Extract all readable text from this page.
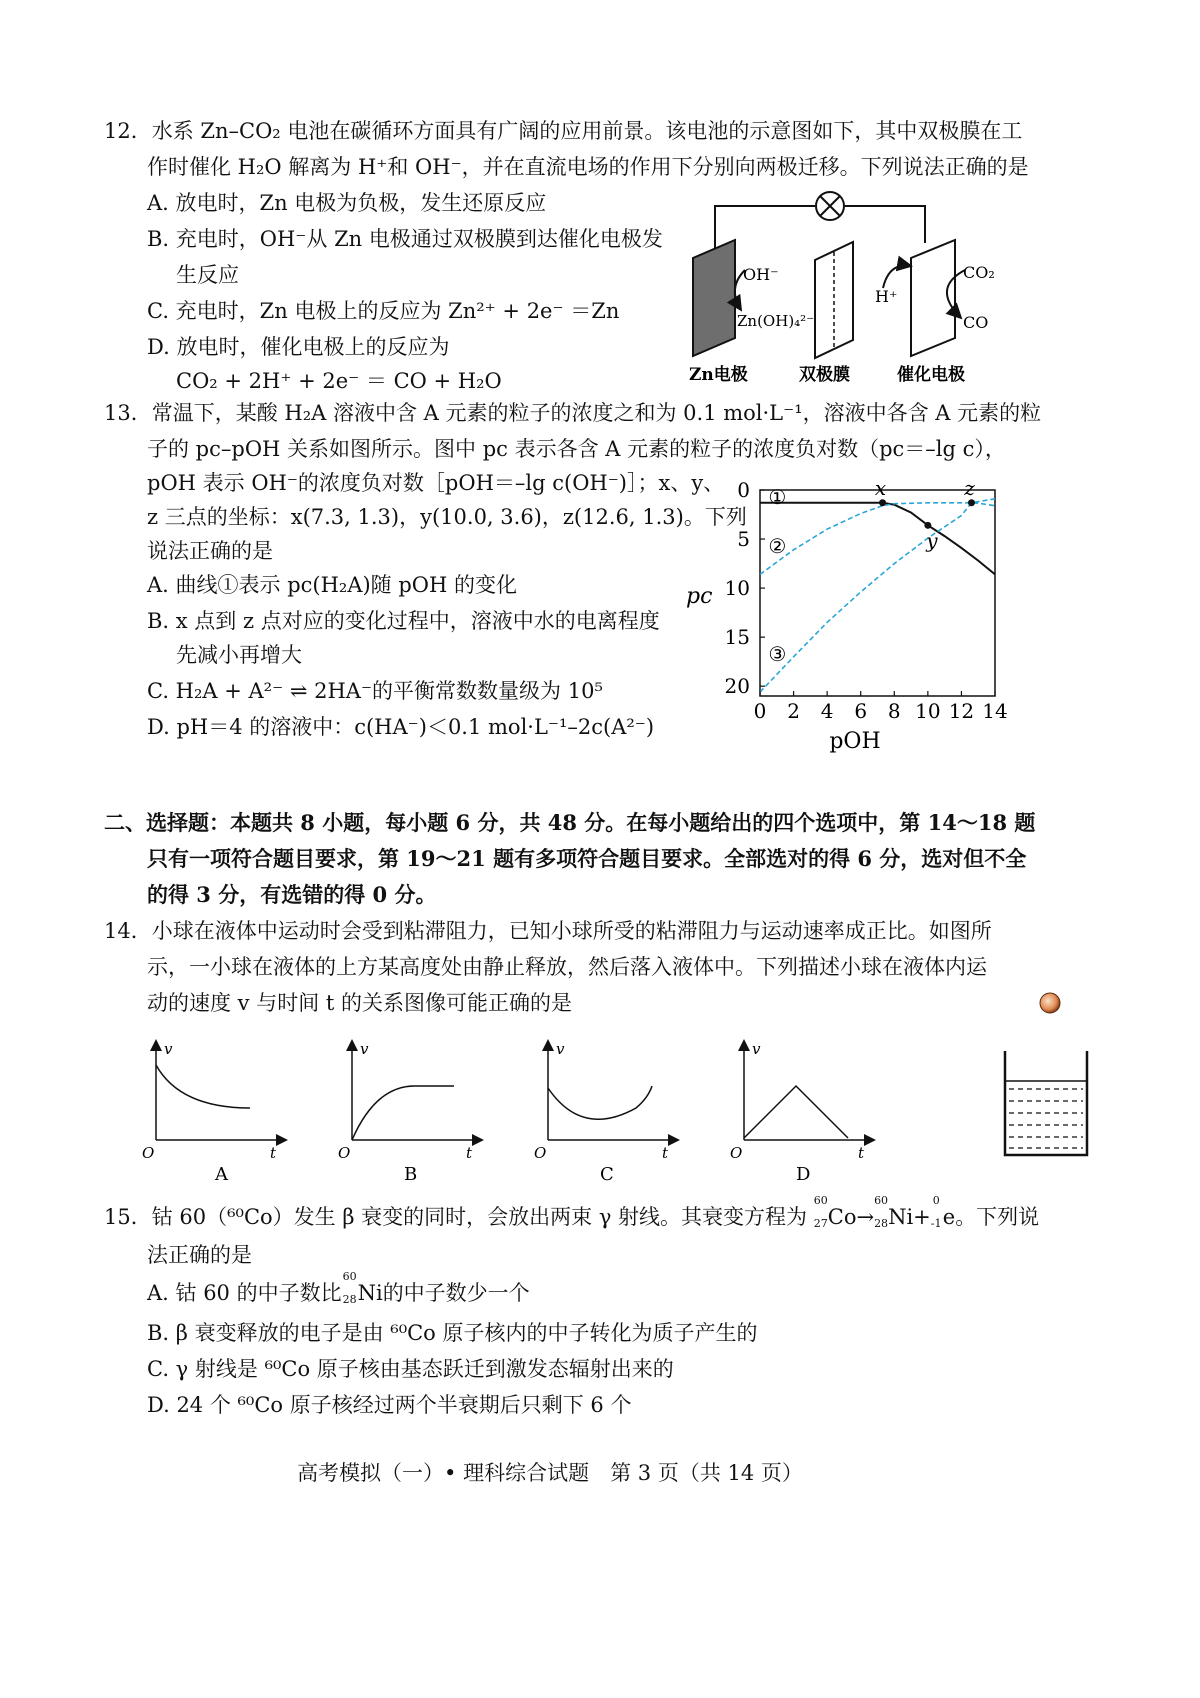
12．水系 Zn–CO₂ 电池在碳循环方面具有广阔的应用前景。该电池的示意图如下，其中双极膜在工
作时催化 H₂O 解离为 H⁺和 OH⁻，并在直流电场的作用下分别向两极迁移。下列说法正确的是
A. 放电时，Zn 电极为负极，发生还原反应
B. 充电时，OH⁻从 Zn 电极通过双极膜到达催化电极发
生反应
C. 充电时，Zn 电极上的反应为 Zn²⁺ + 2e⁻ ＝Zn
D. 放电时，催化电极上的反应为
CO₂ + 2H⁺ + 2e⁻ ＝ CO + H₂O
OH⁻
Zn(OH)₄²⁻
H⁺
CO₂
CO
Zn电极	双极膜	催化电极
13．常温下，某酸 H₂A 溶液中含 A 元素的粒子的浓度之和为 0.1 mol·L⁻¹，溶液中各含 A 元素的粒
子的 pc–pOH 关系如图所示。图中 pc 表示各含 A 元素的粒子的浓度负对数（pc＝–lg c），
pOH 表示 OH⁻的浓度负对数［pOH＝–lg c(OH⁻)］；x、y、
z 三点的坐标：x(7.3, 1.3)，y(10.0, 3.6)，z(12.6, 1.3)。下列
说法正确的是
A. 曲线①表示 pc(H₂A)随 pOH 的变化
B. x 点到 z 点对应的变化过程中，溶液中水的电离程度
先减小再增大
C. H₂A + A²⁻ ⇌ 2HA⁻的平衡常数数量级为 10⁵
D. pH＝4 的溶液中：c(HA⁻)＜0.1 mol·L⁻¹–2c(A²⁻)
①
②
③
x
y
z
0 2 4 6 8 10 12 14
0
5
10
15
20
pc
pOH
二、选择题：本题共 8 小题，每小题 6 分，共 48 分。在每小题给出的四个选项中，第 14～18 题
只有一项符合题目要求，第 19～21 题有多项符合题目要求。全部选对的得 6 分，选对但不全
的得 3 分，有选错的得 0 分。
14．小球在液体中运动时会受到粘滞阻力，已知小球所受的粘滞阻力与运动速率成正比。如图所
示，一小球在液体的上方某高度处由静止释放，然后落入液体中。下列描述小球在液体内运
动的速度 v 与时间 t 的关系图像可能正确的是
v
t
O
A
v
t
O
B
v
t
O
C
v
t
O
D
15．钴 60（⁶⁰Co）发生 β 衰变的同时，会放出两束 γ 射线。其衰变方程为
60
27 Co→
60
28 Ni+
0
-1 e。下列说
法正确的是
A. 钴 60 的中子数比
60
28 Ni的中子数少一个
B. β 衰变释放的电子是由 ⁶⁰Co 原子核内的中子转化为质子产生的
C. γ 射线是 ⁶⁰Co 原子核由基态跃迁到激发态辐射出来的
D. 24 个 ⁶⁰Co 原子核经过两个半衰期后只剩下 6 个
高考模拟（一）• 理科综合试题　第 3 页（共 14 页）
